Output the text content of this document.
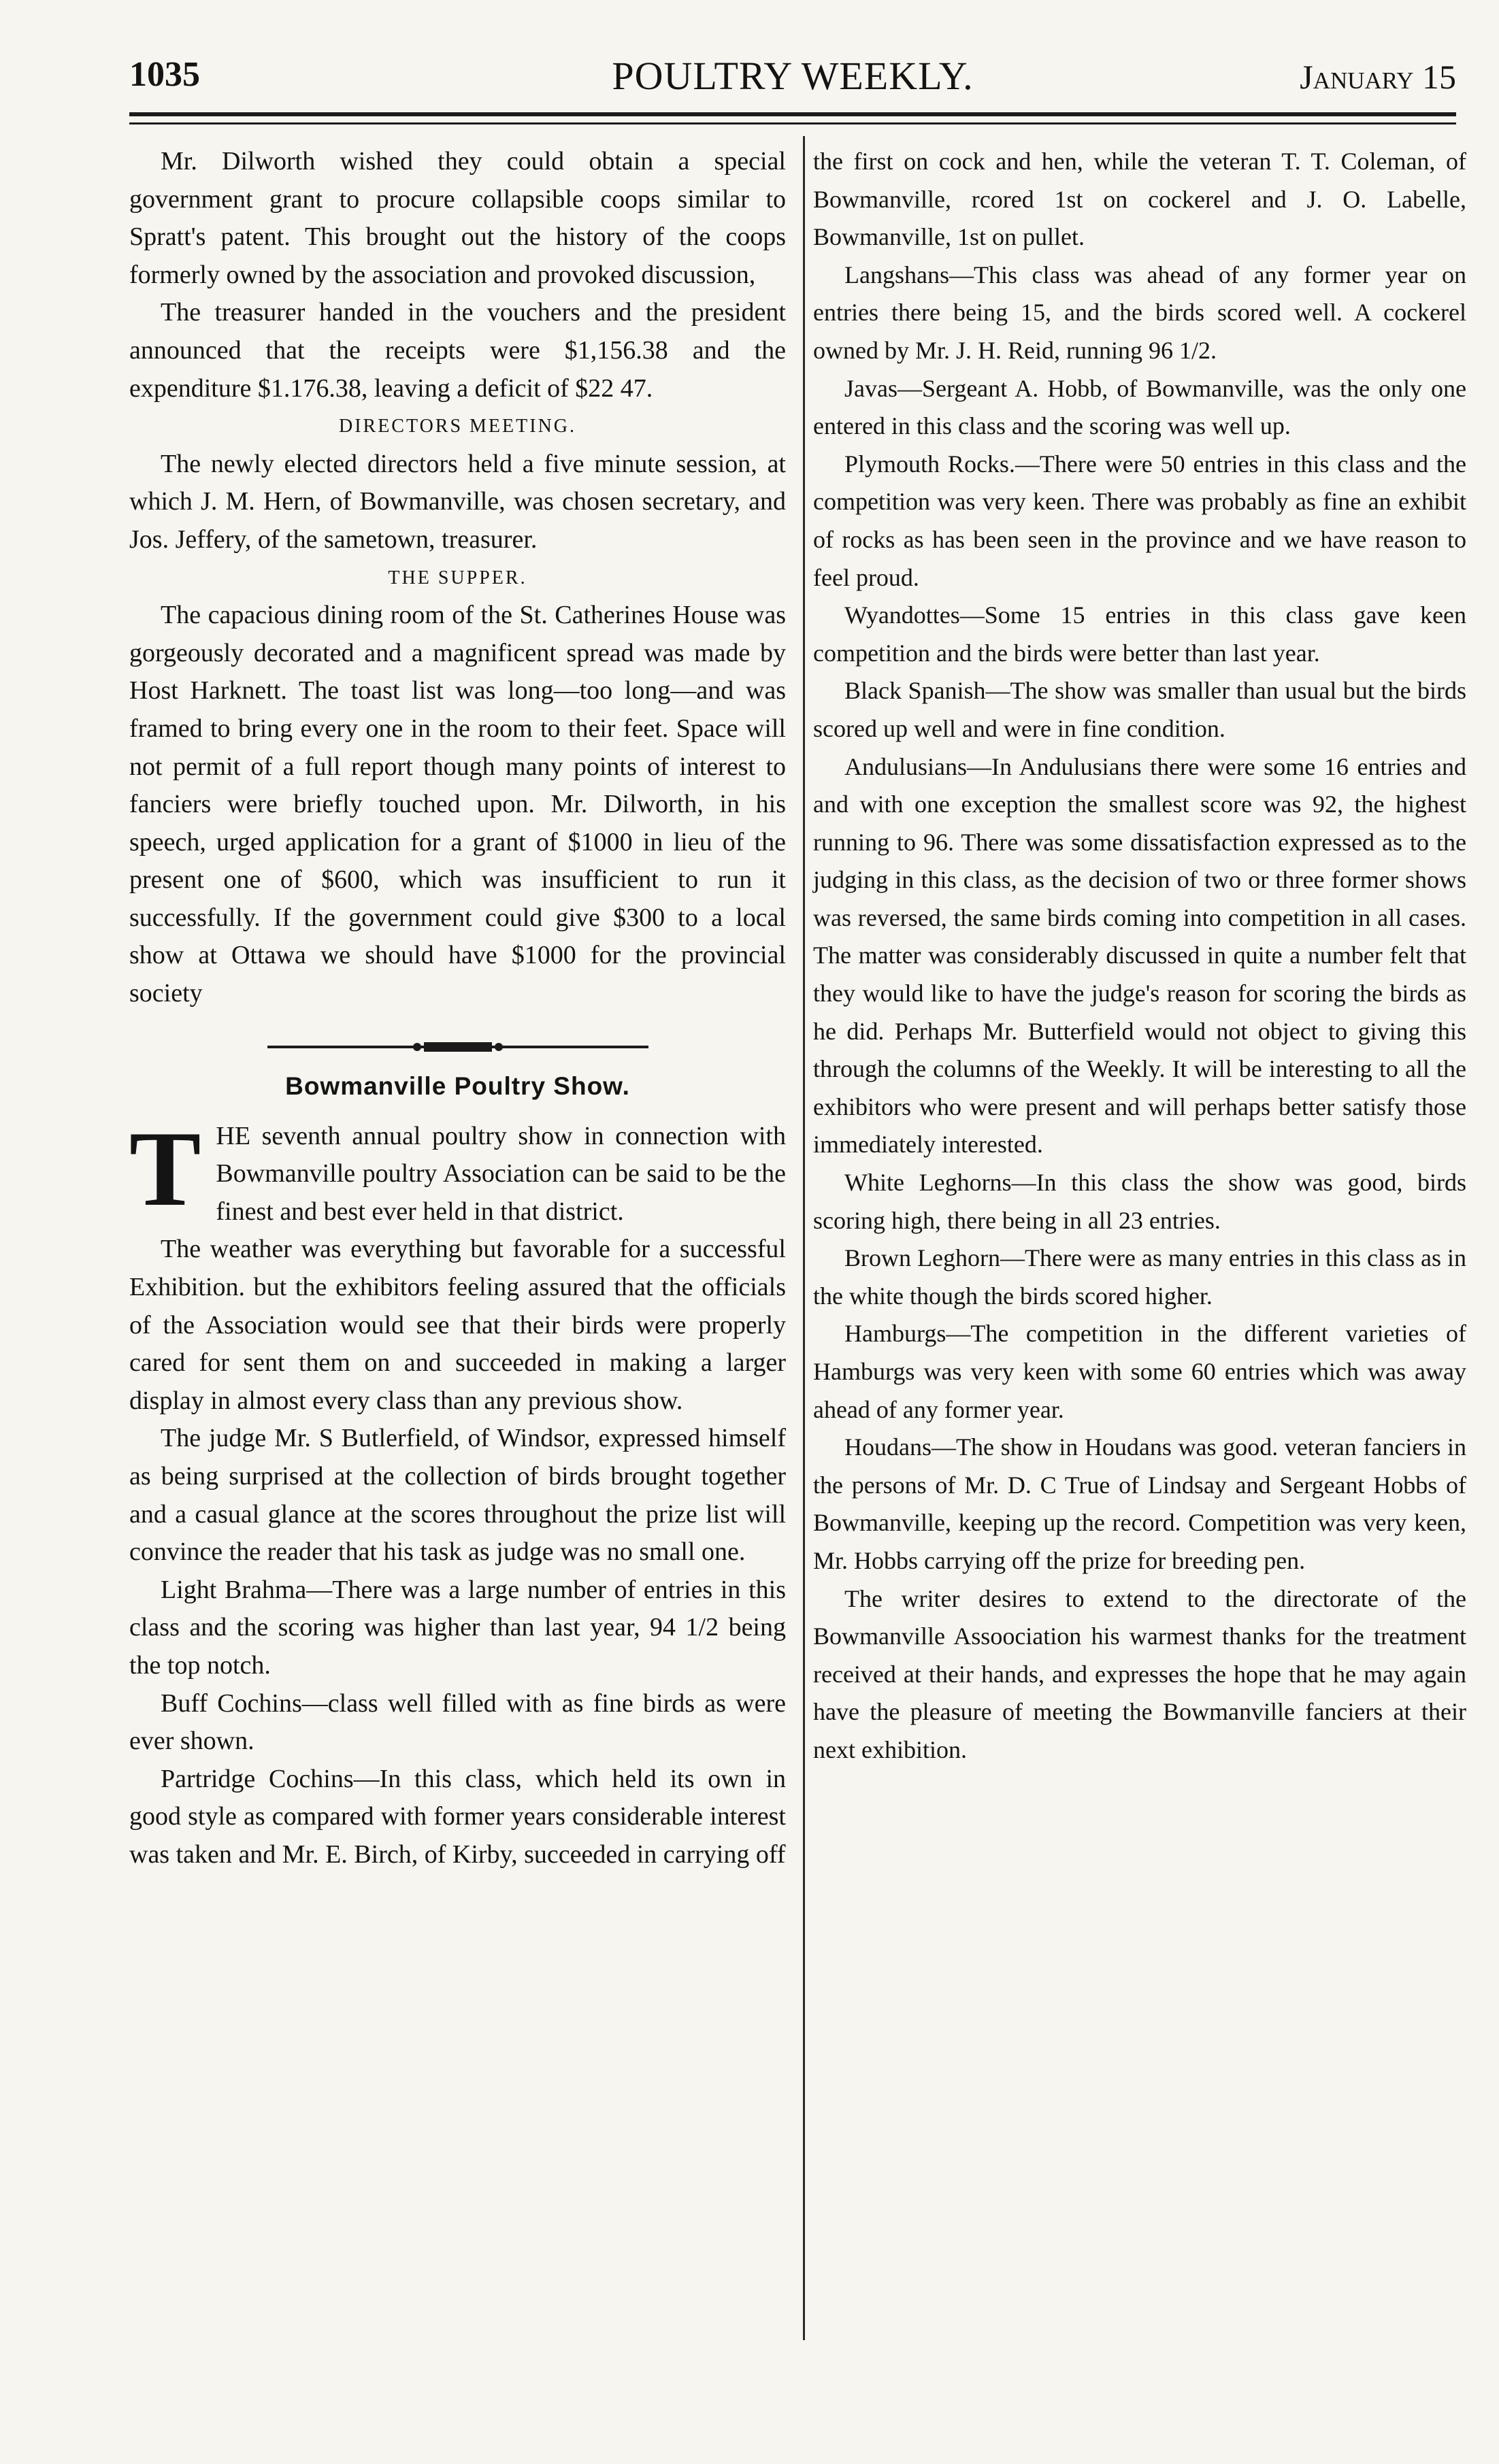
1035	POULTRY WEEKLY.	January 15

Mr. Dilworth wished they could obtain a special government grant to procure collapsible coops similar to Spratt's patent. This brought out the history of the coops formerly owned by the association and provoked discussion,

The treasurer handed in the vouchers and the president announced that the receipts were $1,156.38 and the expenditure $1.176.38, leaving a deficit of $22 47.

DIRECTORS MEETING.

The newly elected directors held a five minute session, at which J. M. Hern, of Bowmanville, was chosen secretary, and Jos. Jeffery, of the sametown, treasurer.

THE SUPPER.

The capacious dining room of the St. Catherines House was gorgeously decorated and a magnificent spread was made by Host Harknett. The toast list was long—too long—and was framed to bring every one in the room to their feet. Space will not permit of a full report though many points of interest to fanciers were briefly touched upon. Mr. Dilworth, in his speech, urged application for a grant of $1000 in lieu of the present one of $600, which was insufficient to run it successfully. If the government could give $300 to a local show at Ottawa we should have $1000 for the provincial society

Bowmanville Poultry Show.

THE seventh annual poultry show in connection with Bowmanville poultry Association can be said to be the finest and best ever held in that district.

The weather was everything but favorable for a successful Exhibition. but the exhibitors feeling assured that the officials of the Association would see that their birds were properly cared for sent them on and succeeded in making a larger display in almost every class than any previous show.

The judge Mr. S Butlerfield, of Windsor, expressed himself as being surprised at the collection of birds brought together and a casual glance at the scores throughout the prize list will convince the reader that his task as judge was no small one.

Light Brahma—There was a large number of entries in this class and the scoring was higher than last year, 94 1/2 being the top notch.

Buff Cochins—class well filled with as fine birds as were ever shown.

Partridge Cochins—In this class, which held its own in good style as compared with former years considerable interest was taken and Mr. E. Birch, of Kirby, succeeded in carrying off

the first on cock and hen, while the veteran T. T. Coleman, of Bowmanville, rcored 1st on cockerel and J. O. Labelle, Bowmanville, 1st on pullet.

Langshans—This class was ahead of any former year on entries there being 15, and the birds scored well. A cockerel owned by Mr. J. H. Reid, running 96 1/2.

Javas—Sergeant A. Hobb, of Bowmanville, was the only one entered in this class and the scoring was well up.

Plymouth Rocks.—There were 50 entries in this class and the competition was very keen. There was probably as fine an exhibit of rocks as has been seen in the province and we have reason to feel proud.

Wyandottes—Some 15 entries in this class gave keen competition and the birds were better than last year.

Black Spanish—The show was smaller than usual but the birds scored up well and were in fine condition.

Andulusians—In Andulusians there were some 16 entries and and with one exception the smallest score was 92, the highest running to 96. There was some dissatisfaction expressed as to the judging in this class, as the decision of two or three former shows was reversed, the same birds coming into competition in all cases. The matter was considerably discussed in quite a number felt that they would like to have the judge's reason for scoring the birds as he did. Perhaps Mr. Butterfield would not object to giving this through the columns of the Weekly. It will be interesting to all the exhibitors who were present and will perhaps better satisfy those immediately interested.

White Leghorns—In this class the show was good, birds scoring high, there being in all 23 entries.

Brown Leghorn—There were as many entries in this class as in the white though the birds scored higher.

Hamburgs—The competition in the different varieties of Hamburgs was very keen with some 60 entries which was away ahead of any former year.

Houdans—The show in Houdans was good. veteran fanciers in the persons of Mr. D. C True of Lindsay and Sergeant Hobbs of Bowmanville, keeping up the record. Competition was very keen, Mr. Hobbs carrying off the prize for breeding pen.

The writer desires to extend to the directorate of the Bowmanville Assoociation his warmest thanks for the treatment received at their hands, and expresses the hope that he may again have the pleasure of meeting the Bowmanville fanciers at their next exhibition.
